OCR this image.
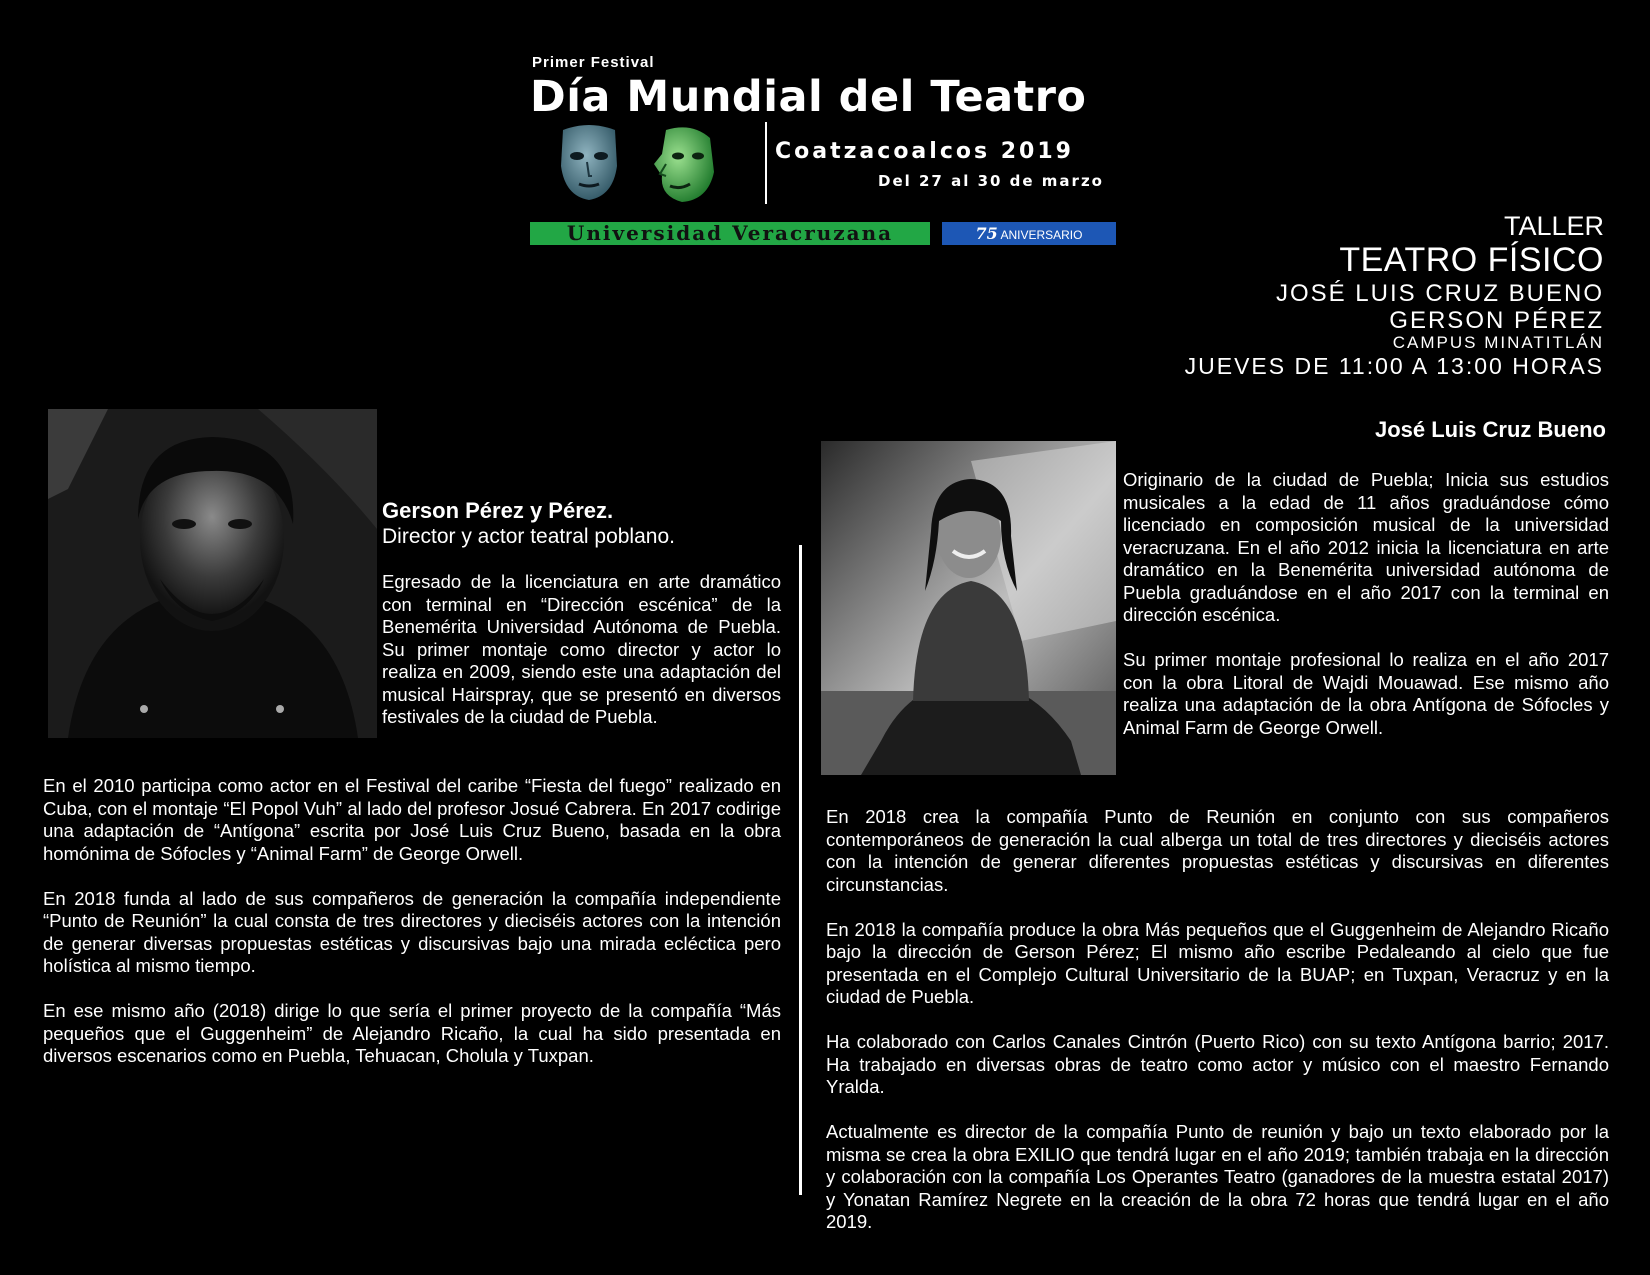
Primer Festival
Día Mundial del Teatro
Coatzacoalcos 2019
Del 27 al 30 de marzo
Universidad Veracruzana	75 ANIVERSARIO	TALLER
TEATRO FÍSICO
JOSÉ LUIS CRUZ BUENO
GERSON PÉREZ
CAMPUS MINATITLÁN
JUEVES DE 11:00 A 13:00 HORAS
Gerson Pérez y Pérez.
Director y actor teatral poblano.
Egresado de la licenciatura en arte dramático con terminal en “Dirección escénica” de la Benemérita Universidad Autónoma de Puebla. Su primer montaje como director y actor lo realiza en 2009, siendo este una adaptación del musical Hairspray, que se presentó en diversos festivales de la ciudad de Puebla.

En el 2010 participa como actor en el Festival del caribe “Fiesta del fuego” realizado en Cuba, con el montaje “El Popol Vuh” al lado del profesor Josué Cabrera. En 2017 codirige una adaptación de “Antígona” escrita por José Luis Cruz Bueno, basada en la obra homónima de Sófocles y “Animal Farm” de George Orwell.

En 2018 funda al lado de sus compañeros de generación la compañía independiente “Punto de Reunión” la cual consta de tres directores y dieciséis actores con la intención de generar diversas propuestas estéticas y discursivas bajo una mirada ecléctica pero holística al mismo tiempo.

En ese mismo año (2018) dirige lo que sería el primer proyecto de la compañía “Más pequeños que el Guggenheim” de Alejandro Ricaño, la cual ha sido presentada en diversos escenarios como en Puebla, Tehuacan, Cholula y Tuxpan.

José Luis Cruz Bueno

Originario de la ciudad de Puebla; Inicia sus estudios musicales a la edad de 11 años graduándose cómo licenciado en composición musical de la universidad veracruzana. En el año 2012 inicia la licenciatura en arte dramático en la Benemérita universidad autónoma de Puebla graduándose en el año 2017 con la terminal en dirección escénica.

Su primer montaje profesional lo realiza en el año 2017 con la obra Litoral de Wajdi Mouawad. Ese mismo año realiza una adaptación de la obra Antígona de Sófocles y Animal Farm de George Orwell.

En 2018 crea la compañía Punto de Reunión en conjunto con sus compañeros contemporáneos de generación la cual alberga un total de tres directores y dieciséis actores con la intención de generar diferentes propuestas estéticas y discursivas en diferentes circunstancias.

En 2018 la compañía produce la obra Más pequeños que el Guggenheim de Alejandro Ricaño bajo la dirección de Gerson Pérez; El mismo año escribe Pedaleando al cielo que fue presentada en el Complejo Cultural Universitario de la BUAP; en Tuxpan, Veracruz y en la ciudad de Puebla.

Ha colaborado con Carlos Canales Cintrón (Puerto Rico) con su texto Antígona barrio; 2017. Ha trabajado en diversas obras de teatro como actor y músico con el maestro Fernando Yralda.

Actualmente es director de la compañía Punto de reunión y bajo un texto elaborado por la misma se crea la obra EXILIO que tendrá lugar en el año 2019; también trabaja en la dirección y colaboración con la compañía Los Operantes Teatro (ganadores de la muestra estatal 2017) y Yonatan Ramírez Negrete en la creación de la obra 72 horas que tendrá lugar en el año 2019.
